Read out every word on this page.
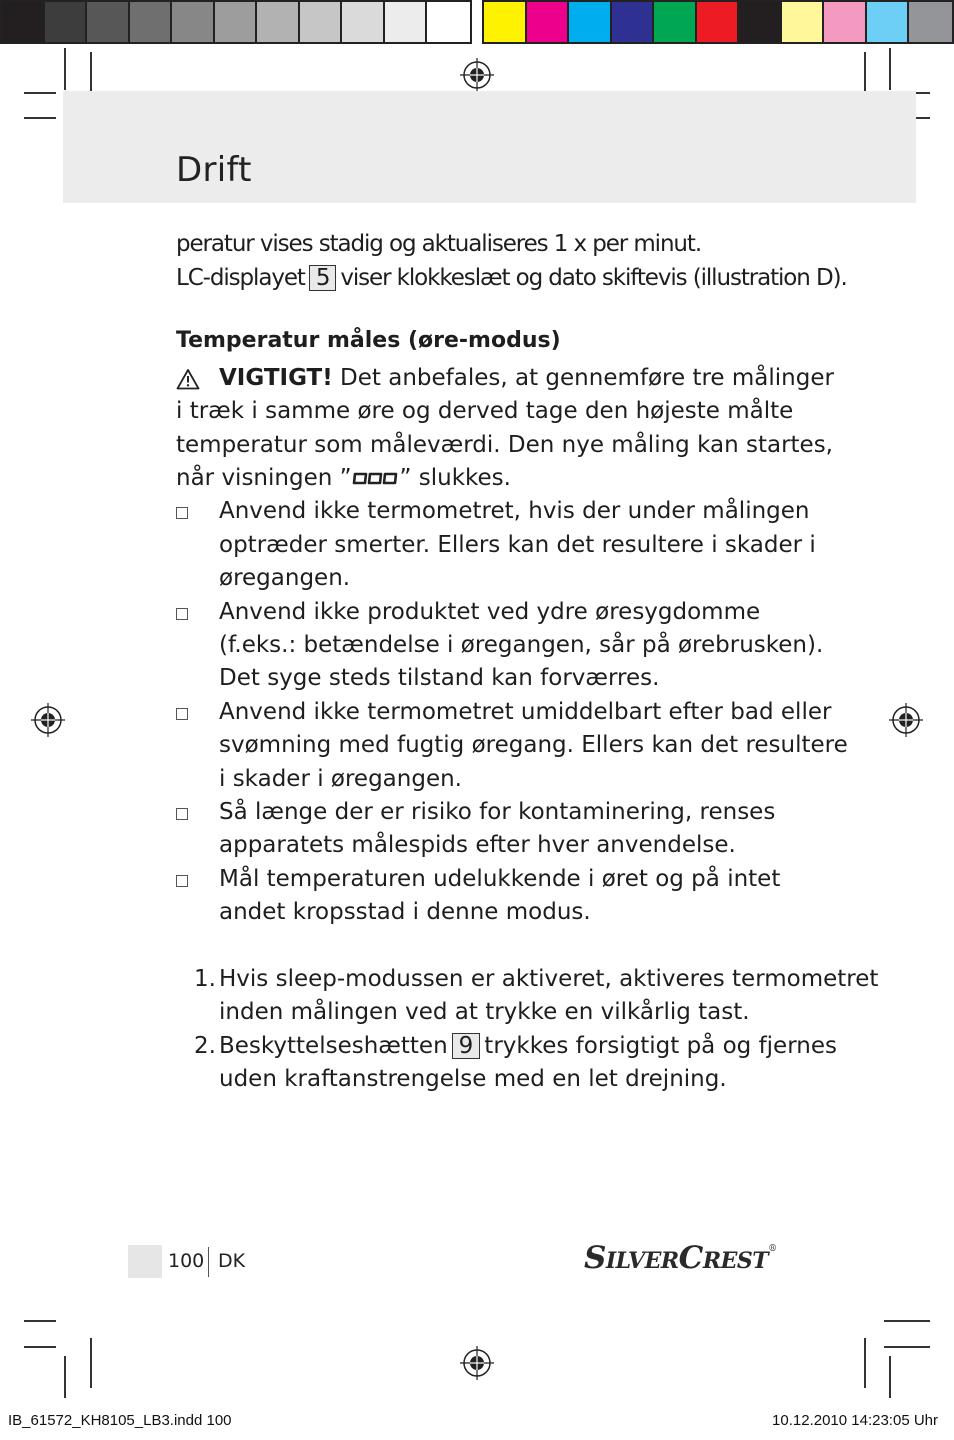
Drift
peratur vises stadig og aktualiseres 1 x per minut.
LC-displayet 5 viser klokkeslæt og dato skiftevis (illustration D).
Temperatur måles (øre-modus)
VIGTIGT! Det anbefales, at gennemføre tre målinger
i træk i samme øre og derved tage den højeste målte
temperatur som måleværdi. Den nye måling kan startes,
når visningen ” ” slukkes.
Anvend ikke termometret, hvis der under målingen
optræder smerter. Ellers kan det resultere i skader i
øregangen.
Anvend ikke produktet ved ydre øresygdomme
(f.eks.: betændelse i øregangen, sår på ørebrusken).
Det syge steds tilstand kan forværres.
Anvend ikke termometret umiddelbart efter bad eller
svømning med fugtig øregang. Ellers kan det resultere
i skader i øregangen.
Så længe der er risiko for kontaminering, renses
apparatets målespids efter hver anvendelse.
Mål temperaturen udelukkende i øret og på intet
andet kropsstad i denne modus.
1. Hvis sleep-modussen er aktiveret, aktiveres termometret
inden målingen ved at trykke en vilkårlig tast.
2. Beskyttelseshætten 9 trykkes forsigtigt på og fjernes
uden kraftanstrengelse med en let drejning.
100 DK	SILVERCREST®
IB_61572_KH8105_LB3.indd 100	10.12.2010 14:23:05 Uhr
